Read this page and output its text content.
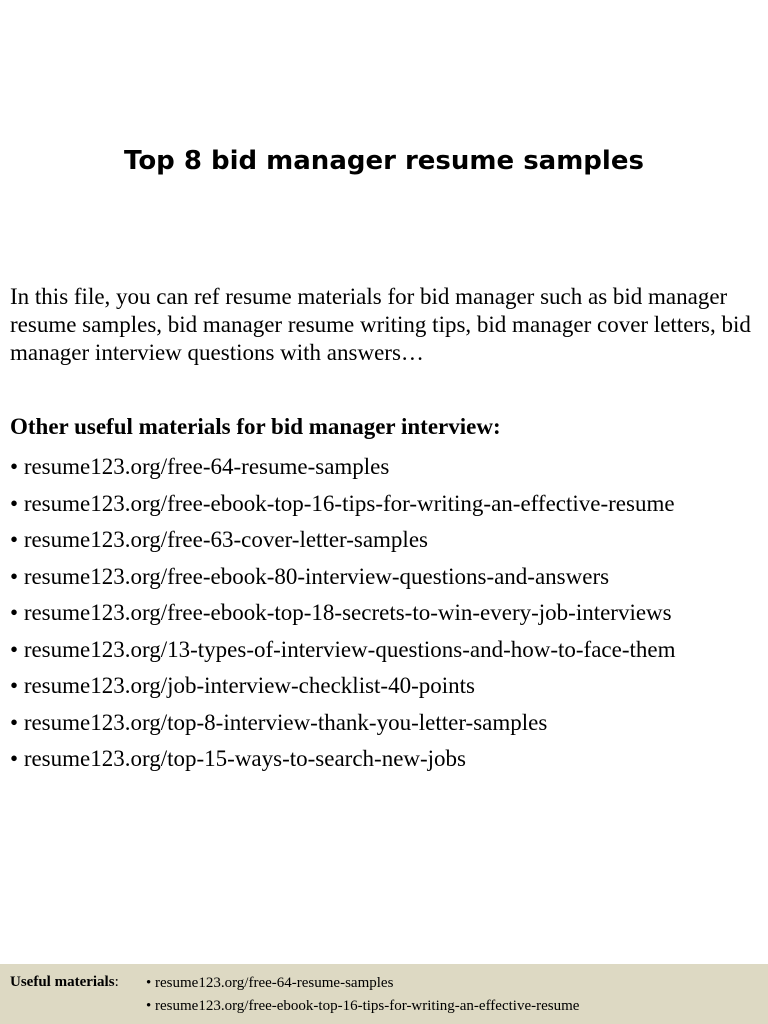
Top 8 bid manager resume samples

In this file, you can ref resume materials for bid manager such as bid manager resume samples, bid manager resume writing tips, bid manager cover letters, bid manager interview questions with answers…

Other useful materials for bid manager interview:
• resume123.org/free-64-resume-samples
• resume123.org/free-ebook-top-16-tips-for-writing-an-effective-resume
• resume123.org/free-63-cover-letter-samples
• resume123.org/free-ebook-80-interview-questions-and-answers
• resume123.org/free-ebook-top-18-secrets-to-win-every-job-interviews
• resume123.org/13-types-of-interview-questions-and-how-to-face-them
• resume123.org/job-interview-checklist-40-points
• resume123.org/top-8-interview-thank-you-letter-samples
• resume123.org/top-15-ways-to-search-new-jobs
Useful materials: • resume123.org/free-64-resume-samples
• resume123.org/free-ebook-top-16-tips-for-writing-an-effective-resume
